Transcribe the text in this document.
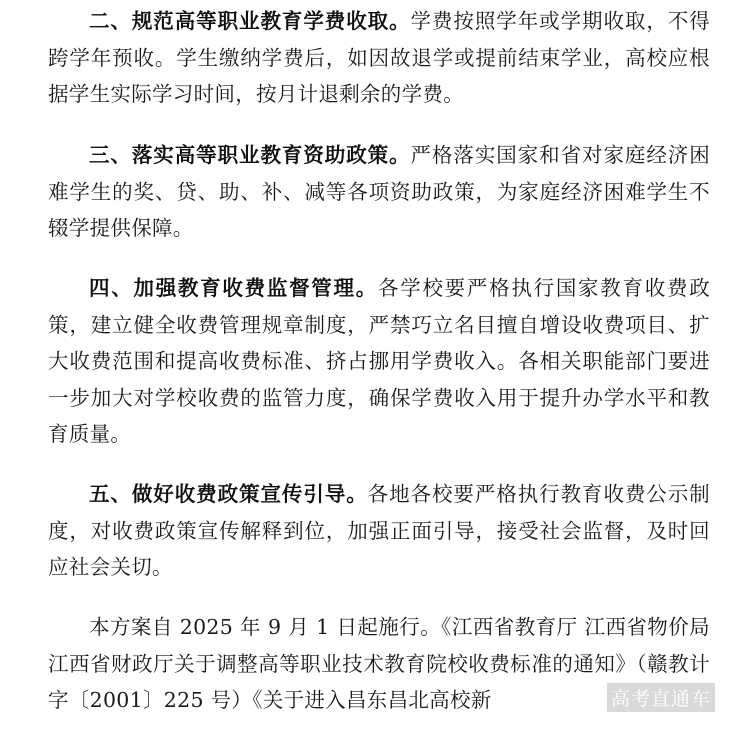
二、规范高等职业教育学费收取。学费按照学年或学期收取，不得跨学年预收。学生缴纳学费后，如因故退学或提前结束学业，高校应根据学生实际学习时间，按月计退剩余的学费。

三、落实高等职业教育资助政策。严格落实国家和省对家庭经济困难学生的奖、贷、助、补、减等各项资助政策，为家庭经济困难学生不辍学提供保障。

四、加强教育收费监督管理。各学校要严格执行国家教育收费政策，建立健全收费管理规章制度，严禁巧立名目擅自增设收费项目、扩大收费范围和提高收费标准、挤占挪用学费收入。各相关职能部门要进一步加大对学校收费的监管力度，确保学费收入用于提升办学水平和教育质量。

五、做好收费政策宣传引导。各地各校要严格执行教育收费公示制度，对收费政策宣传解释到位，加强正面引导，接受社会监督，及时回应社会关切。

本方案自 2025 年 9 月 1 日起施行。《江西省教育厅 江西省物价局 江西省财政厅关于调整高等职业技术教育院校收费标准的通知》（赣教计字〔2001〕225 号）《关于进入昌东昌北高校新	高考直通车
